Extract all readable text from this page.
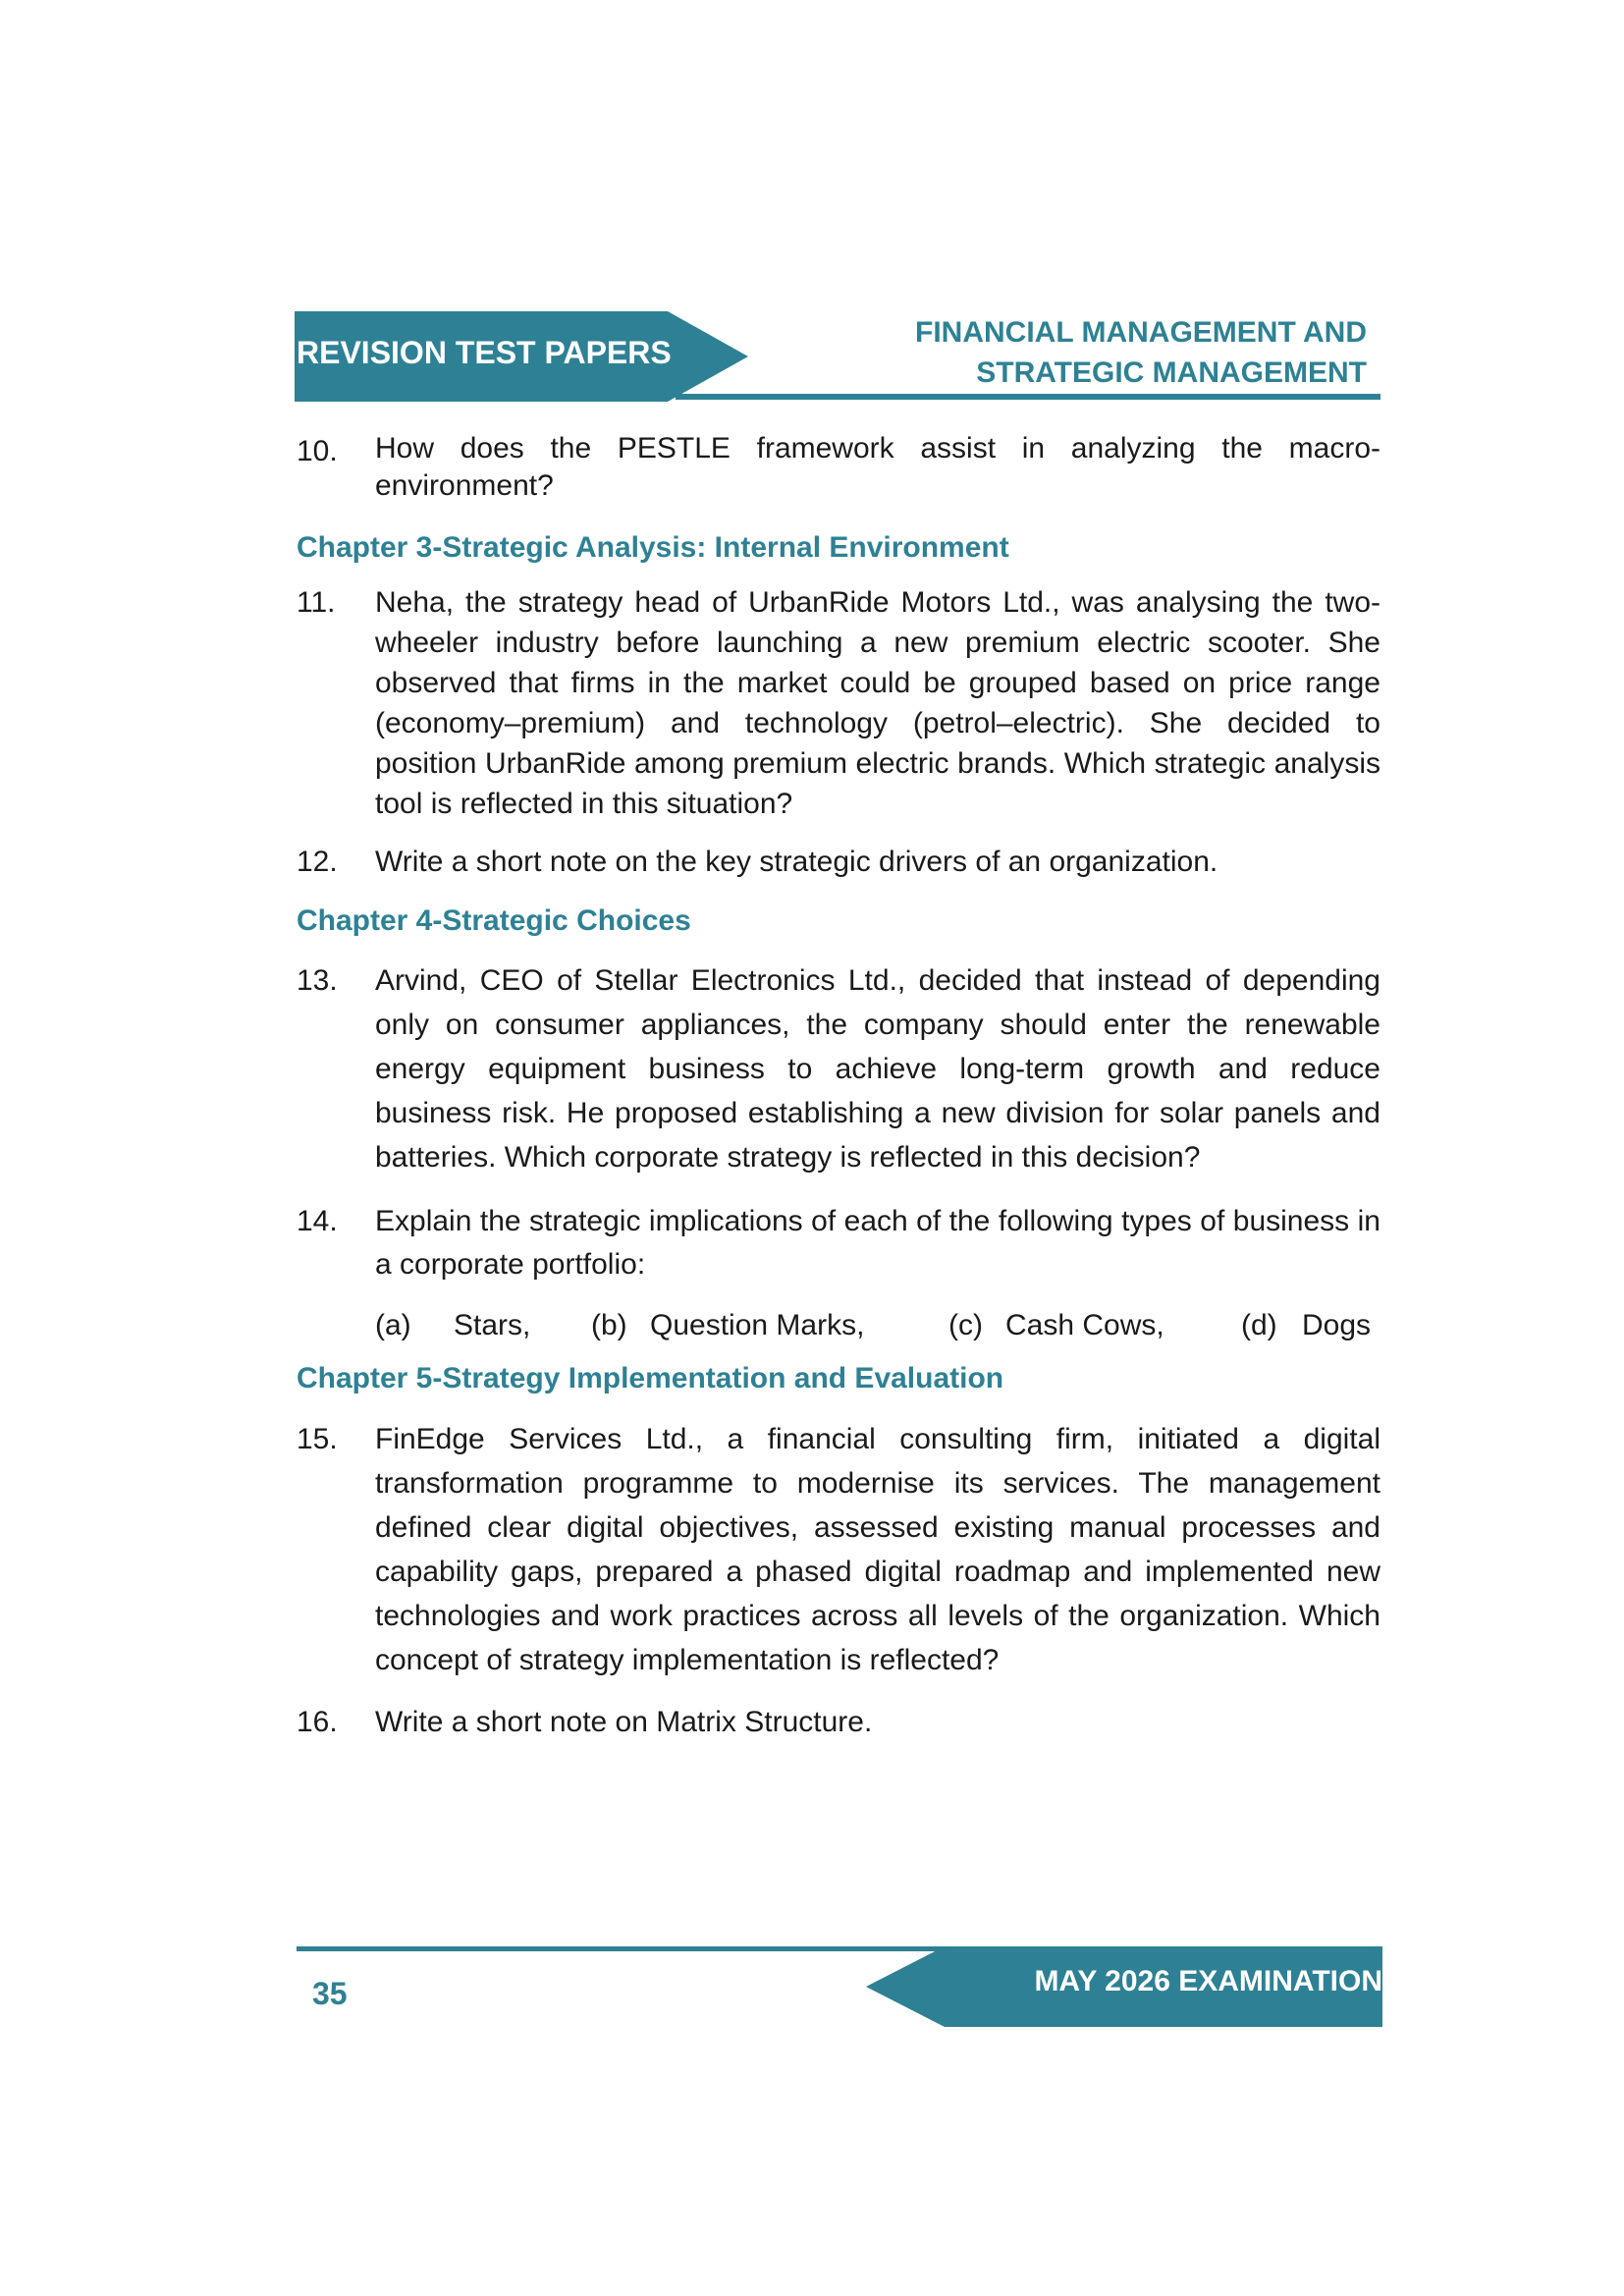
REVISION TEST PAPERS
FINANCIAL MANAGEMENT AND
STRATEGIC MANAGEMENT
10.	How does the PESTLE framework assist in analyzing the macro-environment?
Chapter 3-Strategic Analysis: Internal Environment
11.	Neha, the strategy head of UrbanRide Motors Ltd., was analysing the two-wheeler industry before launching a new premium electric scooter. She observed that firms in the market could be grouped based on price range (economy–premium) and technology (petrol–electric). She decided to position UrbanRide among premium electric brands. Which strategic analysis tool is reflected in this situation?
12.	Write a short note on the key strategic drivers of an organization.
Chapter 4-Strategic Choices
13.	Arvind, CEO of Stellar Electronics Ltd., decided that instead of depending only on consumer appliances, the company should enter the renewable energy equipment business to achieve long-term growth and reduce business risk. He proposed establishing a new division for solar panels and batteries. Which corporate strategy is reflected in this decision?
14.	Explain the strategic implications of each of the following types of business in a corporate portfolio:
(a) Stars, (b) Question Marks,	(c) Cash Cows,	(d) Dogs
Chapter 5-Strategy Implementation and Evaluation
15.	FinEdge Services Ltd., a financial consulting firm, initiated a digital transformation programme to modernise its services. The management defined clear digital objectives, assessed existing manual processes and capability gaps, prepared a phased digital roadmap and implemented new technologies and work practices across all levels of the organization. Which concept of strategy implementation is reflected?
16.	Write a short note on Matrix Structure.
MAY 2026 EXAMINATION
35
